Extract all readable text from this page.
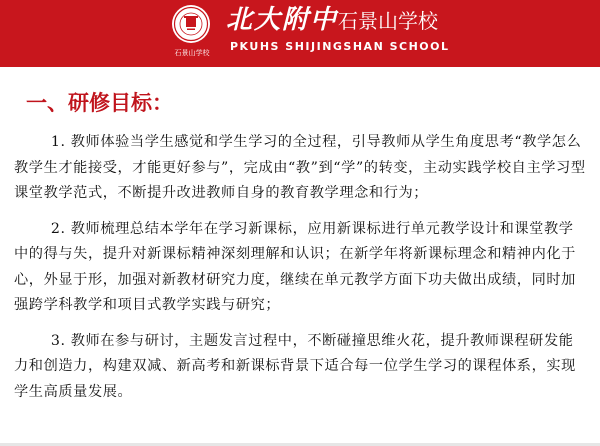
石景山学校
北大附中石景山学校
PKUHS SHIJINGSHAN SCHOOL
一、研修目标：

1. 教师体验当学生感觉和学生学习的全过程，引导教师从学生角度思考“教学怎么教学生才能接受，才能更好参与”，完成由“教”到“学”的转变，主动实践学校自主学习型课堂教学范式，不断提升改进教师自身的教育教学理念和行为；

2. 教师梳理总结本学年在学习新课标，应用新课标进行单元教学设计和课堂教学中的得与失，提升对新课标精神深刻理解和认识；在新学年将新课标理念和精神内化于心，外显于形，加强对新教材研究力度，继续在单元教学方面下功夫做出成绩，同时加强跨学科教学和项目式教学实践与研究；

3. 教师在参与研讨，主题发言过程中，不断碰撞思维火花，提升教师课程研发能力和创造力，构建双减、新高考和新课标背景下适合每一位学生学习的课程体系，实现学生高质量发展。
